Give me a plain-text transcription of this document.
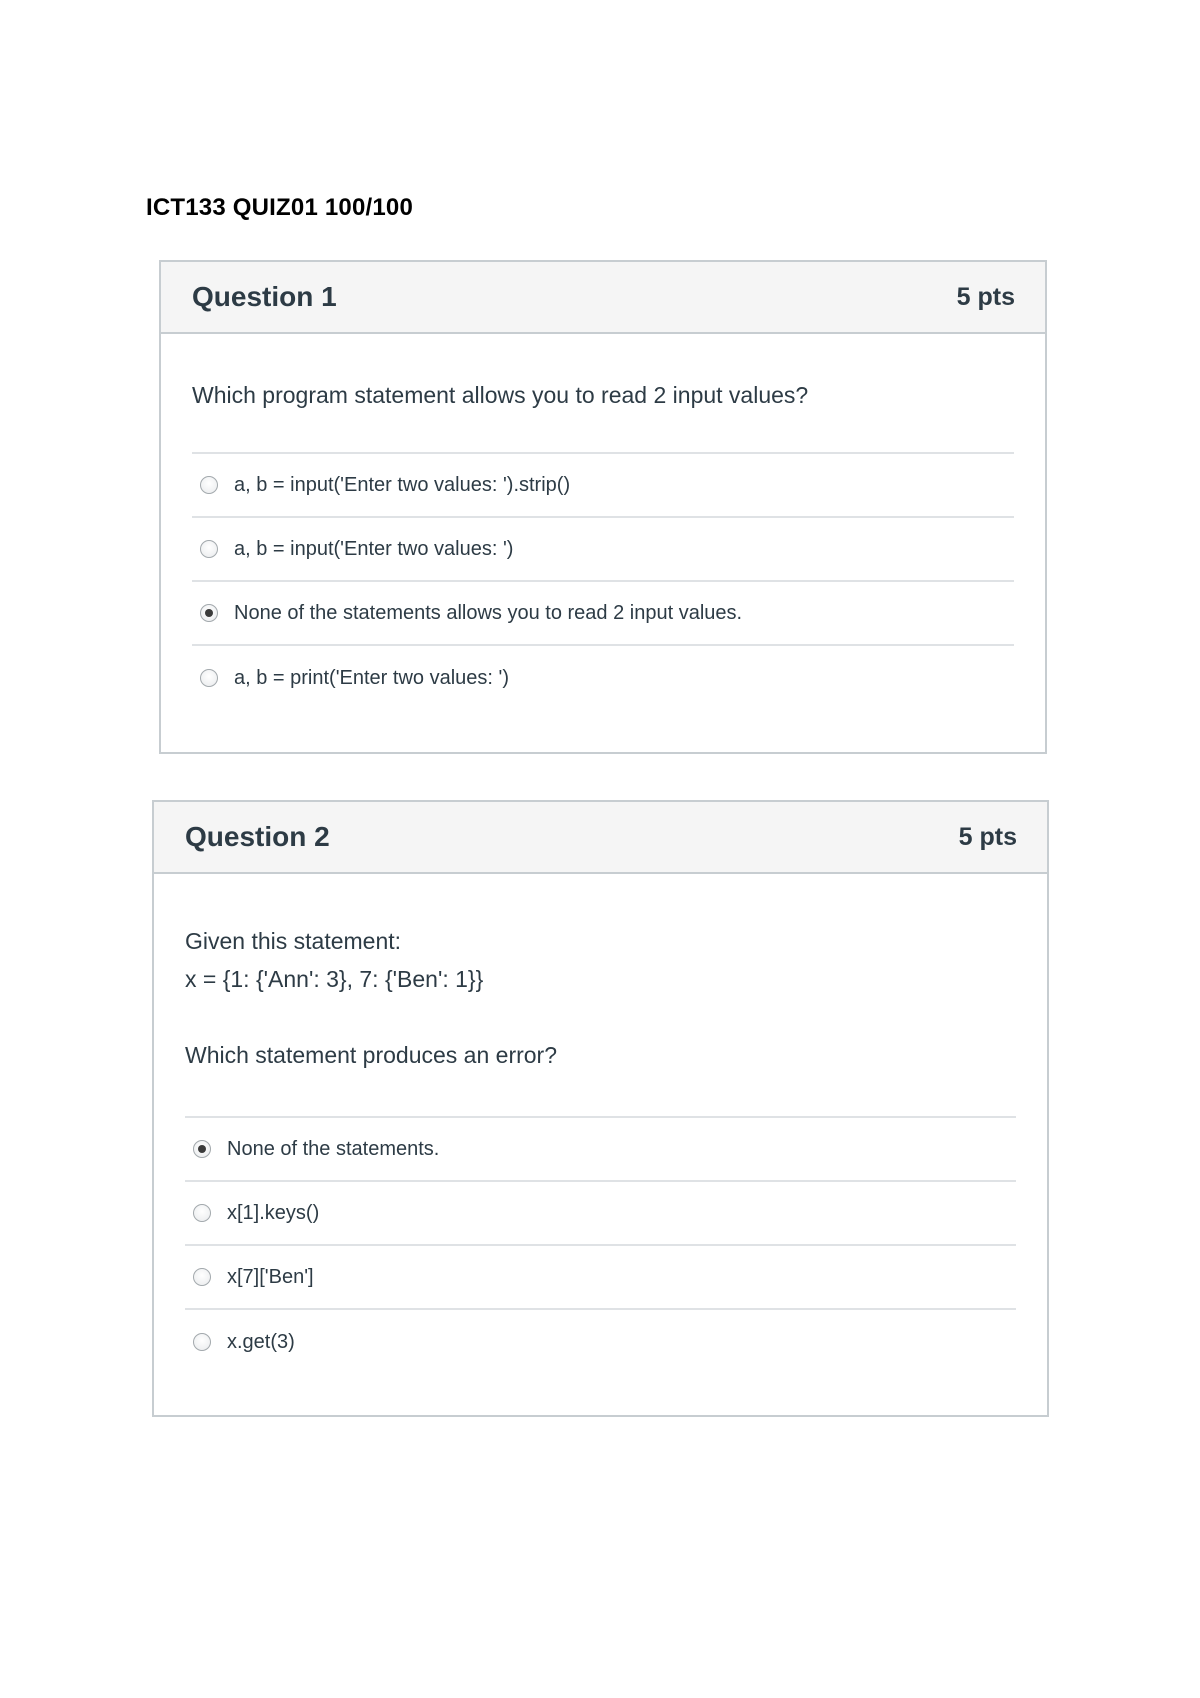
ICT133 QUIZ01 100/100
Question 1	5 pts
Which program statement allows you to read 2 input values?
a, b = input('Enter two values: ').strip()
a, b = input('Enter two values: ')
None of the statements allows you to read 2 input values.
a, b = print('Enter two values: ')
Question 2	5 pts
Given this statement:
x = {1: {'Ann': 3}, 7: {'Ben': 1}}
Which statement produces an error?
None of the statements.
x[1].keys()
x[7]['Ben']
x.get(3)
